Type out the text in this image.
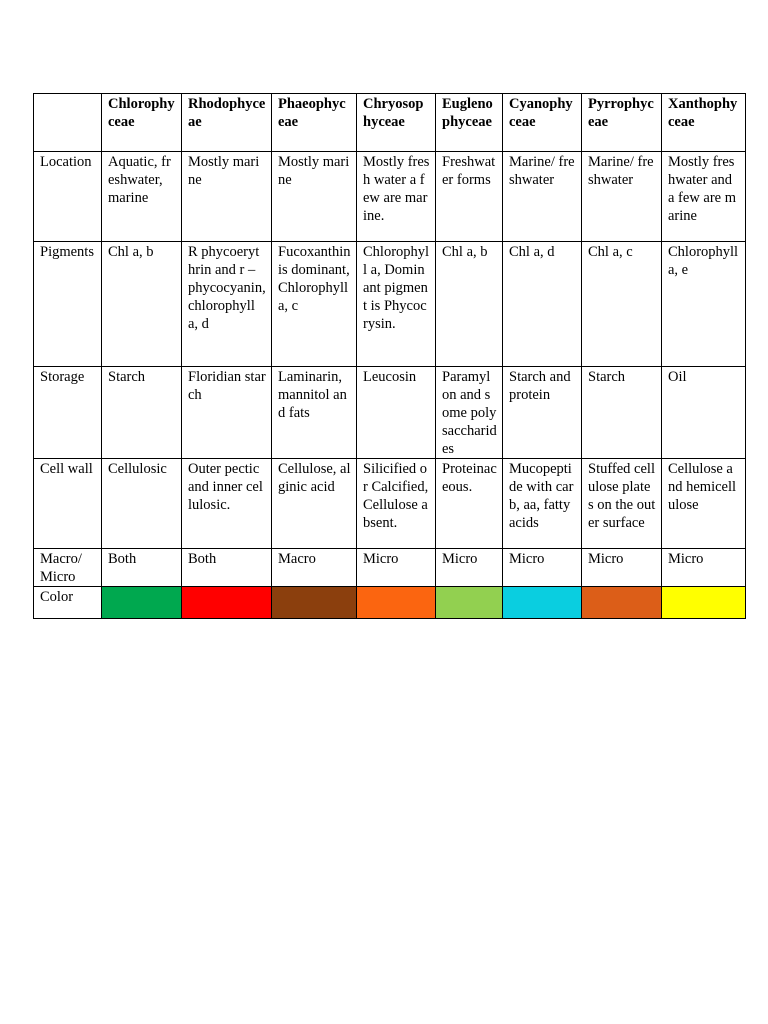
	Chlorophyceae	Rhodophyceae	Phaeophyceae	Chryosophyceae	Euglenophyceae	Cyanophyceae	Pyrrophyceae	Xanthophyceae
Location	Aquatic, freshwater, marine	Mostly marine	Mostly marine	Mostly fresh water a few are marine.	Freshwater forms	Marine/ freshwater	Marine/ freshwater	Mostly freshwater and a few are marine
Pigments	Chl a, b	R phycoerythrin and r – phycocyanin, chlorophyll a, d	Fucoxanthin is dominant, Chlorophyll a, c	Chlorophyll a, Dominant pigment is Phycocrysin.	Chl a, b	Chl a, d	Chl a, c	Chlorophyll a, e
Storage	Starch	Floridian starch	Laminarin, mannitol and fats	Leucosin	Paramylon and some polysaccharides	Starch and protein	Starch	Oil
Cell wall	Cellulosic	Outer pectic and inner cellulosic.	Cellulose, alginic acid	Silicified or Calcified, Cellulose absent.	Proteinaceous.	Mucopeptide with carb, aa, fatty acids	Stuffed cellulose plates on the outer surface	Cellulose and hemicellulose
Macro/ Micro	Both	Both	Macro	Micro	Micro	Micro	Micro	Micro
Color								
